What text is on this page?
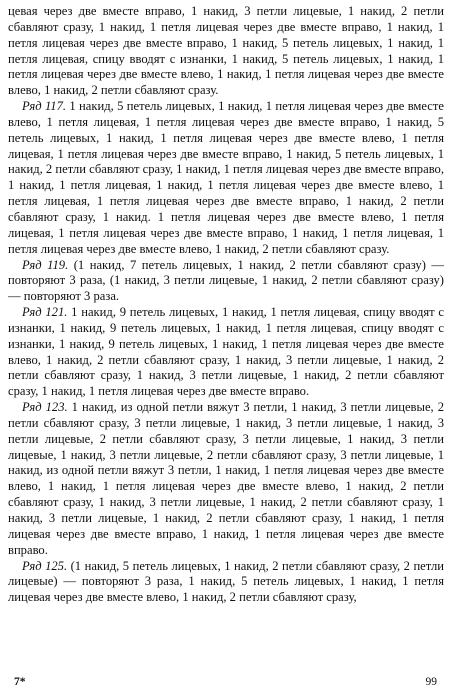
цевая через две вместе вправо, 1 накид, 3 петли лицевые, 1 накид, 2 петли сбавляют сразу, 1 накид, 1 петля лицевая через две вместе вправо, 1 накид, 1 петля лицевая через две вместе вправо, 1 накид, 5 петель лицевых, 1 накид, 1 петля лицевая, спицу вводят с изнанки, 1 накид, 5 петель лицевых, 1 накид, 1 петля лицевая через две вместе влево, 1 накид, 1 петля лицевая через две вместе влево, 1 накид, 2 петли сбавляют сразу.

Ряд 117. 1 накид, 5 петель лицевых, 1 накид, 1 петля лицевая через две вместе влево, 1 петля лицевая, 1 петля лицевая через две вместе вправо, 1 накид, 5 петель лицевых, 1 накид, 1 петля лицевая через две вместе влево, 1 петля лицевая, 1 петля лицевая через две вместе вправо, 1 накид, 5 петель лицевых, 1 накид, 2 петли сбавляют сразу, 1 накид, 1 петля лицевая через две вместе вправо, 1 накид, 1 петля лицевая, 1 накид, 1 петля лицевая через две вместе влево, 1 петля лицевая, 1 петля лицевая через две вместе вправо, 1 накид, 2 петли сбавляют сразу, 1 накид. 1 петля лицевая через две вместе влево, 1 петля лицевая, 1 петля лицевая через две вместе вправо, 1 накид, 1 петля лицевая, 1 петля лицевая через две вместе влево, 1 накид, 2 петли сбавляют сразу.

Ряд 119. (1 накид, 7 петель лицевых, 1 накид, 2 петли сбавляют сразу) — повторяют 3 раза, (1 накид, 3 петли лицевые, 1 накид, 2 петли сбавляют сразу) — повторяют 3 раза.

Ряд 121. 1 накид, 9 петель лицевых, 1 накид, 1 петля лицевая, спицу вводят с изнанки, 1 накид, 9 петель лицевых, 1 накид, 1 петля лицевая, спицу вводят с изнанки, 1 накид, 9 петель лицевых, 1 накид, 1 петля лицевая через две вместе влево, 1 накид, 2 петли сбавляют сразу, 1 накид, 3 петли лицевые, 1 накид, 2 петли сбавляют сразу, 1 накид, 3 петли лицевые, 1 накид, 2 петли сбавляют сразу, 1 накид, 1 петля лицевая через две вместе вправо.

Ряд 123. 1 накид, из одной петли вяжут 3 петли, 1 накид, 3 петли лицевые, 2 петли сбавляют сразу, 3 петли лицевые, 1 накид, 3 петли лицевые, 1 накид, 3 петли лицевые, 2 петли сбавляют сразу, 3 петли лицевые, 1 накид, 3 петли лицевые, 1 накид, 3 петли лицевые, 2 петли сбавляют сразу, 3 петли лицевые, 1 накид, из одной петли вяжут 3 петли, 1 накид, 1 петля лицевая через две вместе влево, 1 накид, 1 петля лицевая через две вместе влево, 1 накид, 2 петли сбавляют сразу, 1 накид, 3 петли лицевые, 1 накид, 2 петли сбавляют сразу, 1 накид, 3 петли лицевые, 1 накид, 2 петли сбавляют сразу, 1 накид, 1 петля лицевая через две вместе вправо, 1 накид, 1 петля лицевая через две вместе вправо.

Ряд 125. (1 накид, 5 петель лицевых, 1 накид, 2 петли сбавляют сразу, 2 петли лицевые) — повторяют 3 раза, 1 накид, 5 петель лицевых, 1 накид, 1 петля лицевая через две вместе влево, 1 накид, 2 петли сбавляют сразу,

7*	99
